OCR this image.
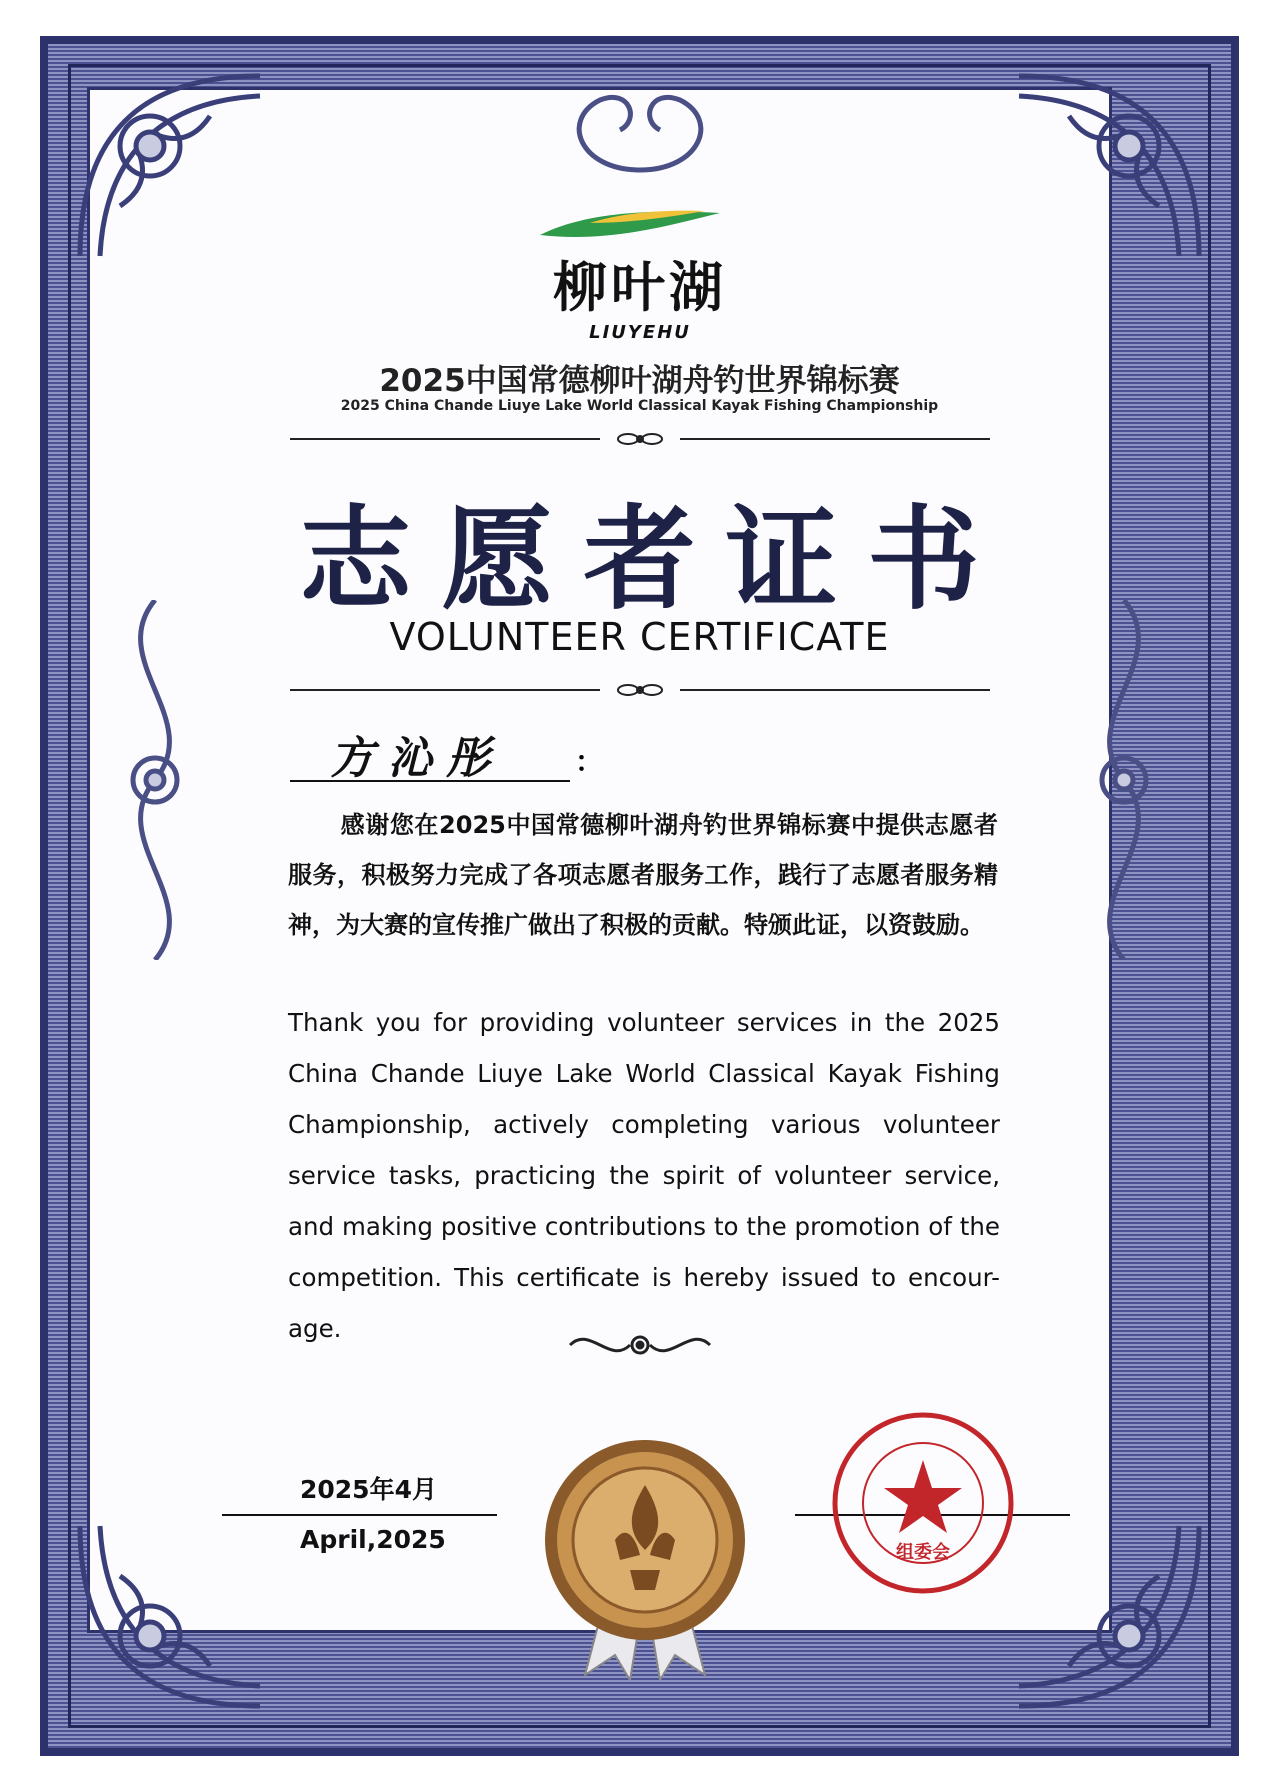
柳叶湖
LIUYEHU
2025中国常德柳叶湖舟钓世界锦标赛
2025 China Chande Liuye Lake World Classical Kayak Fishing Championship
志愿者证书
VOLUNTEER CERTIFICATE
方沁彤	：
感谢您在2025中国常德柳叶湖舟钓世界锦标赛中提供志愿者服务，积极努力完成了各项志愿者服务工作，践行了志愿者服务精神，为大赛的宣传推广做出了积极的贡献。特颁此证，以资鼓励。
Thank you for providing volunteer services in the 2025 China Chande Liuye Lake World Classical Kayak Fishing Championship, actively completing various volunteer service tasks, practicing the spirit of volunteer service, and making positive contributions to the promotion of the competition. This certificate is hereby issued to encour-age.
2025年4月
April,2025	组委会
